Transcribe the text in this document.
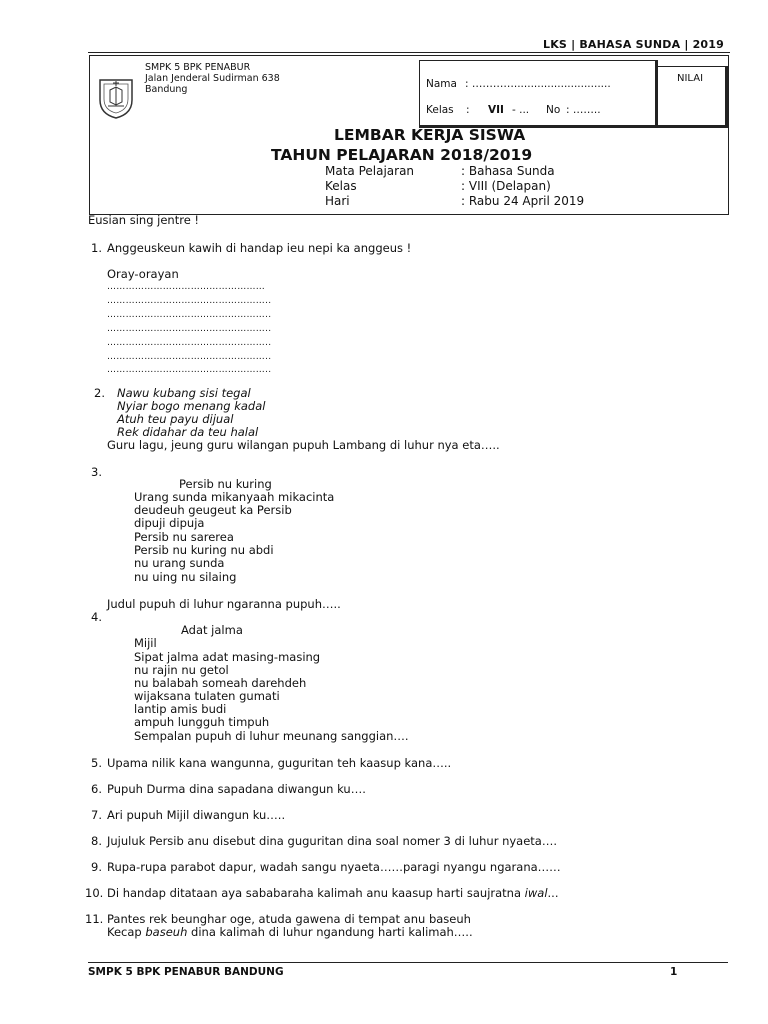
LKS | BAHASA SUNDA | 2019
SMPK 5 BPK PENABUR
Jalan Jenderal Sudirman 638
Bandung	Nama : ………….............................
Kelas : VII - ... No : ……..
NILAI
LEMBAR KERJA SISWA
TAHUN PELAJARAN 2018/2019
Mata Pelajaran	: Bahasa Sunda
Kelas	: VIII (Delapan)
Hari	: Rabu 24 April 2019
Eusian sing jentre !
1. Anggeuskeun kawih di handap ieu nepi ka anggeus !
Oray-orayan
……………………………………………
……………………………………………..
……………………………………………..
……………………………………………..
……………………………………………..
……………………………………………..
……………………………………………..
2. Nawu kubang sisi tegal
Nyiar bogo menang kadal
Atuh teu payu dijual
Rek didahar da teu halal
Guru lagu, jeung guru wilangan pupuh Lambang di luhur nya eta…..
3.
Persib nu kuring
Urang sunda mikanyaah mikacinta
deudeuh geugeut ka Persib
dipuji dipuja
Persib nu sarerea
Persib nu kuring nu abdi
nu urang sunda
nu uing nu silaing
Judul pupuh di luhur ngaranna pupuh…..
4.
Adat jalma
Mijil
Sipat jalma adat masing-masing
nu rajin nu getol
nu balabah someah darehdeh
wijaksana tulaten gumati
lantip amis budi
ampuh lungguh timpuh
Sempalan pupuh di luhur meunang sanggian….
5. Upama nilik kana wangunna, guguritan teh kaasup kana…..
6. Pupuh Durma dina sapadana diwangun ku….
7. Ari pupuh Mijil diwangun ku…..
8. Jujuluk Persib anu disebut dina guguritan dina soal nomer 3 di luhur nyaeta….
9. Rupa-rupa parabot dapur, wadah sangu nyaeta……paragi nyangu ngarana……
10. Di handap ditataan aya sababaraha kalimah anu kaasup harti saujratna iwal...
11. Pantes rek beunghar oge, atuda gawena di tempat anu baseuh
Kecap baseuh dina kalimah di luhur ngandung harti kalimah…..
SMPK 5 BPK PENABUR BANDUNG	1
